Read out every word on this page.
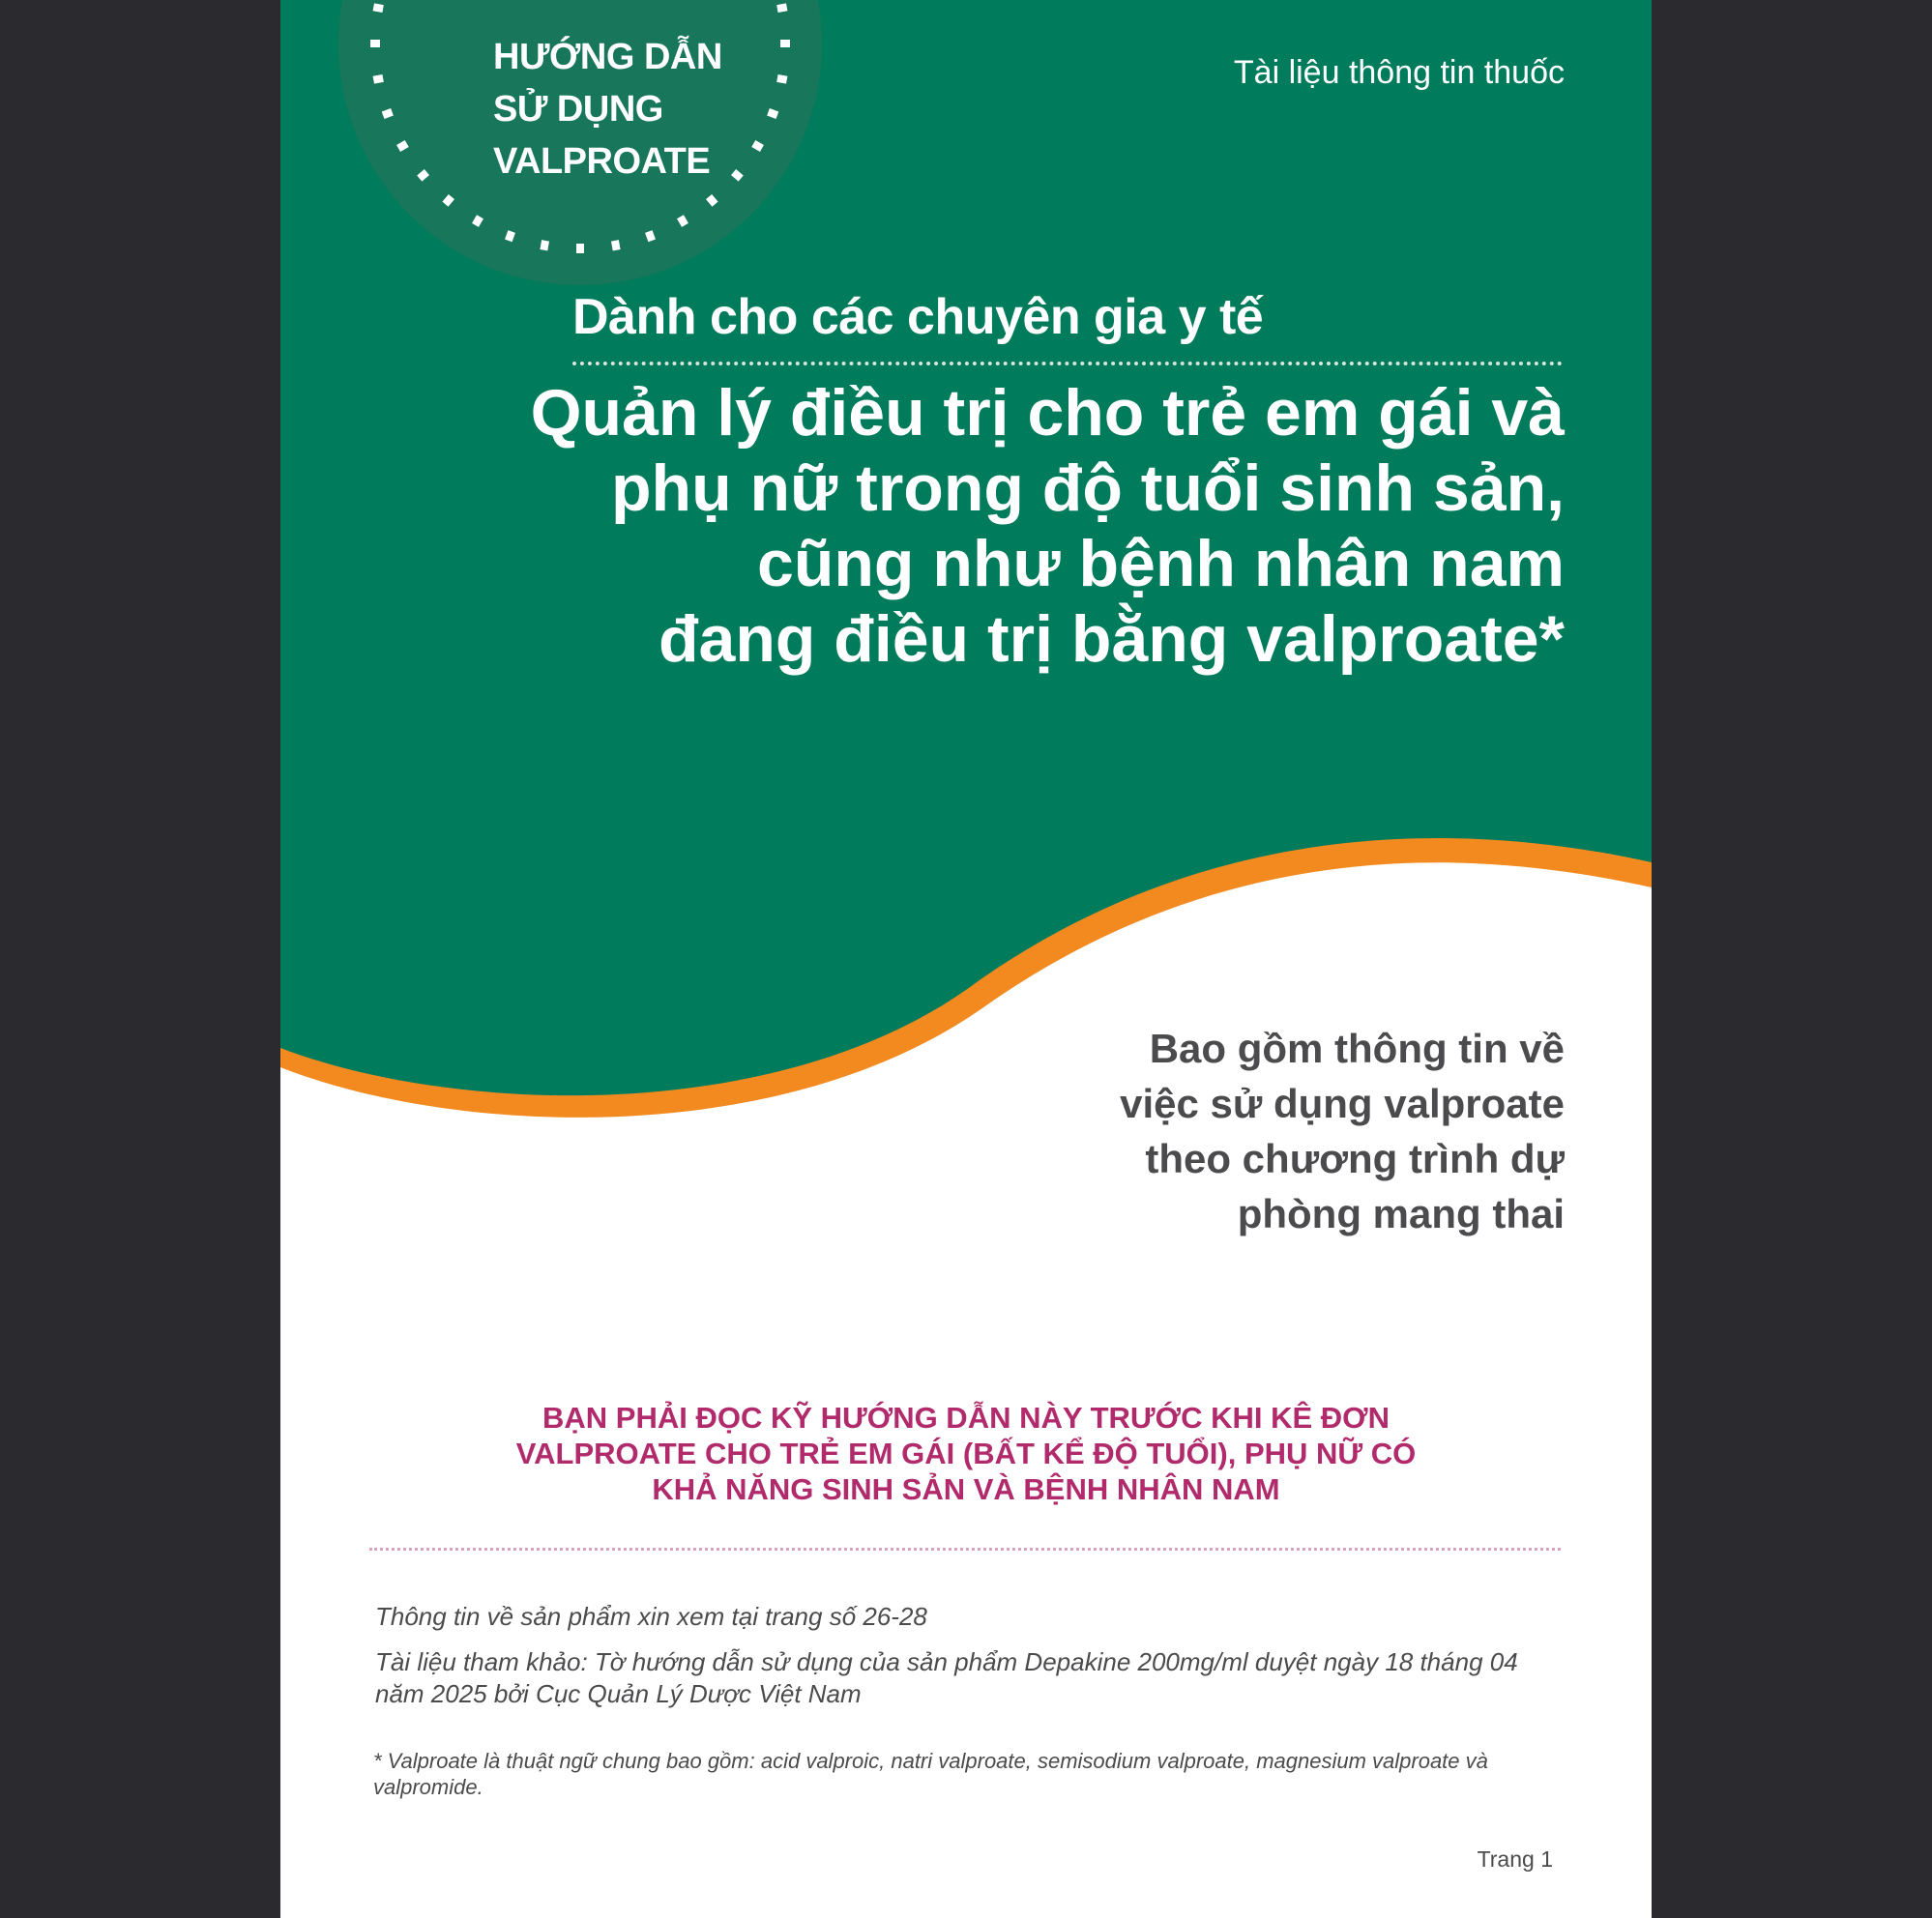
HƯỚNG DẪN
SỬ DỤNG
VALPROATE
Tài liệu thông tin thuốc
Dành cho các chuyên gia y tế
Quản lý điều trị cho trẻ em gái và
phụ nữ trong độ tuổi sinh sản,
cũng như bệnh nhân nam
đang điều trị bằng valproate*
Bao gồm thông tin về
việc sử dụng valproate
theo chương trình dự
phòng mang thai
BẠN PHẢI ĐỌC KỸ HƯỚNG DẪN NÀY TRƯỚC KHI KÊ ĐƠN
VALPROATE CHO TRẺ EM GÁI (BẤT KỂ ĐỘ TUỔI), PHỤ NỮ CÓ
KHẢ NĂNG SINH SẢN VÀ BỆNH NHÂN NAM
Thông tin về sản phẩm xin xem tại trang số 26-28
Tài liệu tham khảo: Tờ hướng dẫn sử dụng của sản phẩm Depakine 200mg/ml duyệt ngày 18 tháng 04 năm 2025 bởi Cục Quản Lý Dược Việt Nam
* Valproate là thuật ngữ chung bao gồm: acid valproic, natri valproate, semisodium valproate, magnesium valproate và valpromide.
Trang 1
